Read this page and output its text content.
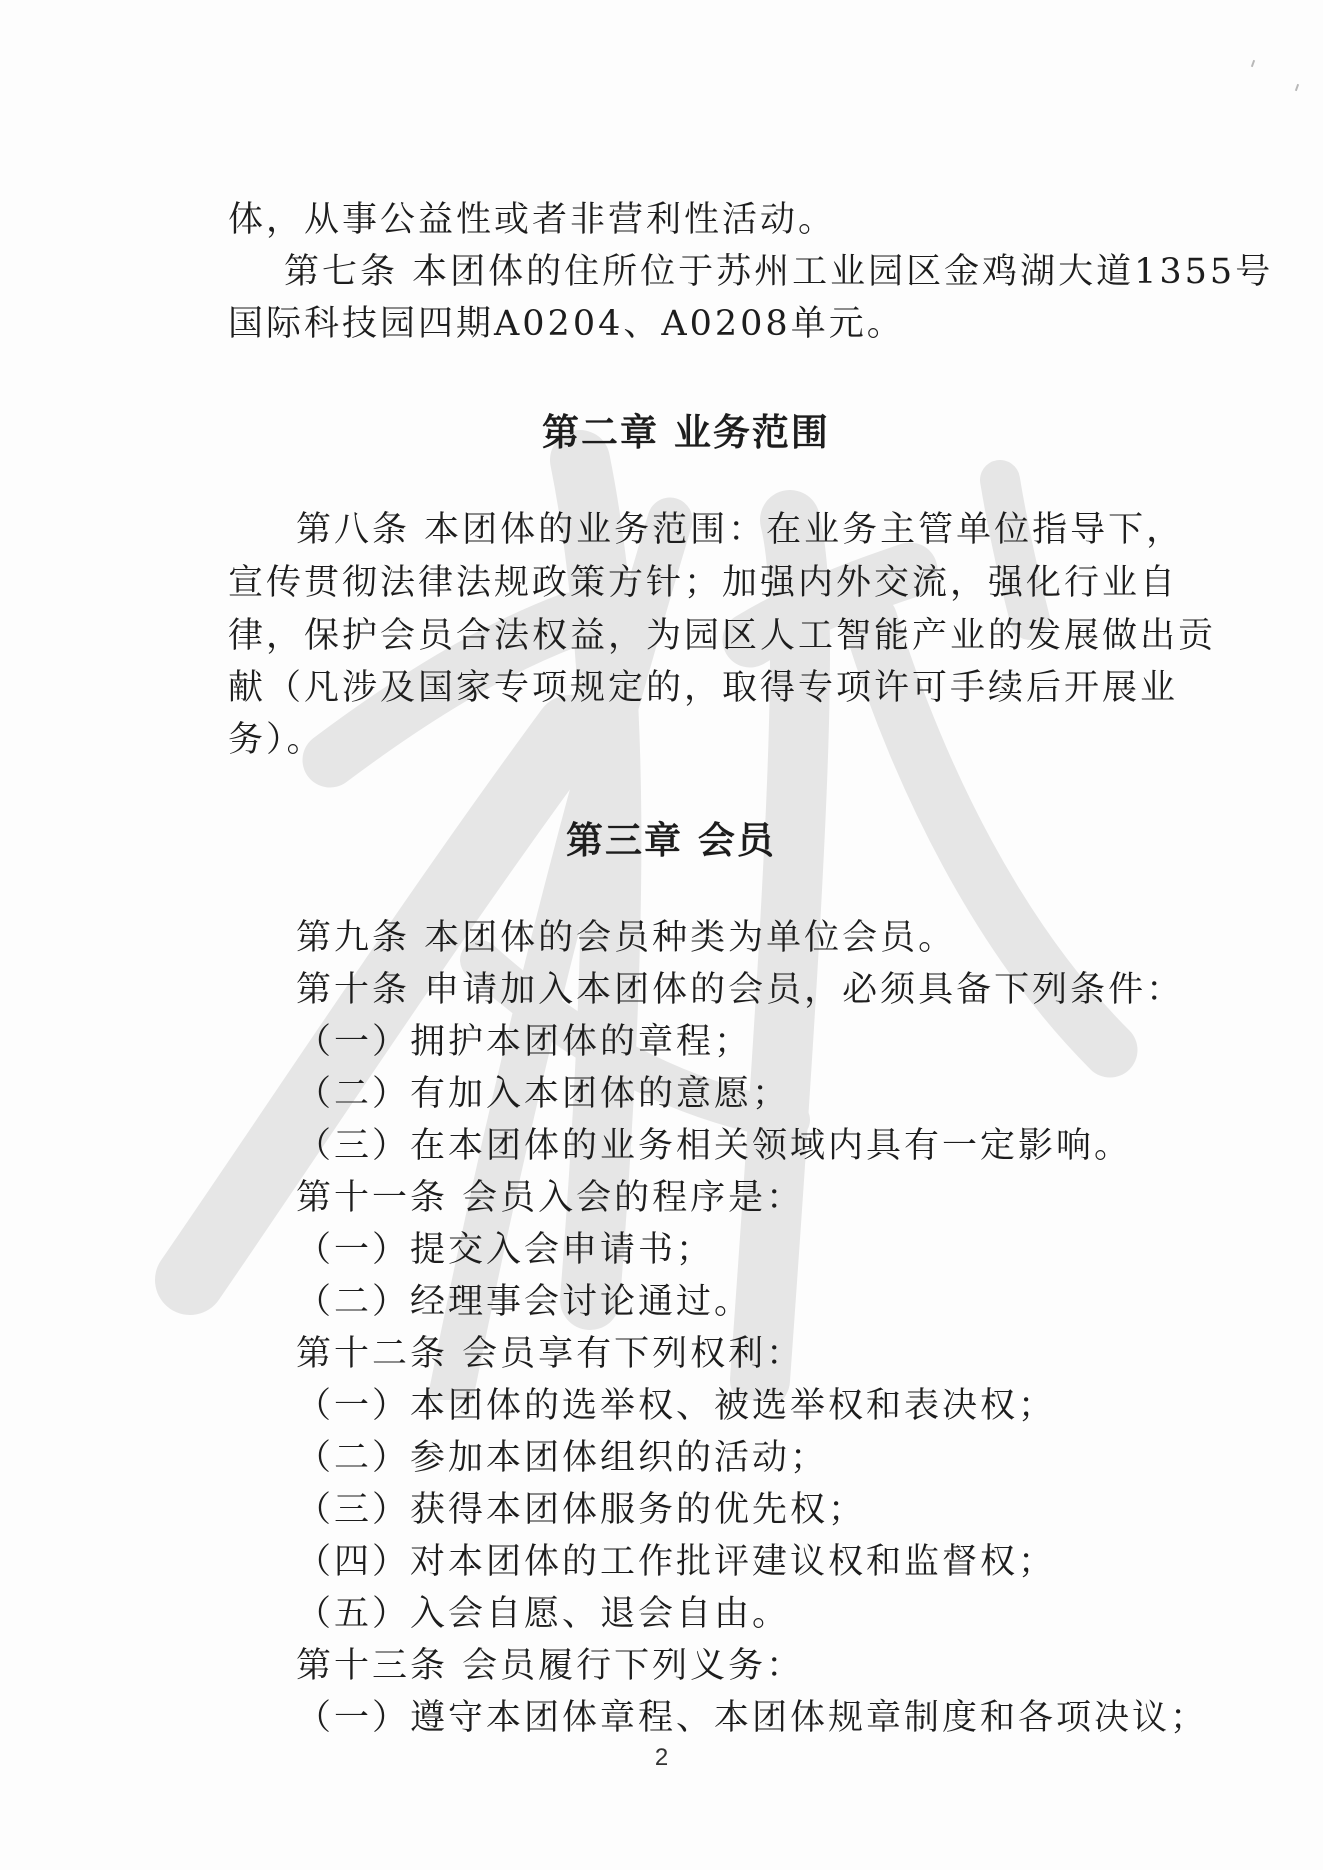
体，从事公益性或者非营利性活动。
第七条 本团体的住所位于苏州工业园区金鸡湖大道1355号
国际科技园四期A0204、A0208单元。
第二章 业务范围
第八条 本团体的业务范围：在业务主管单位指导下，
宣传贯彻法律法规政策方针；加强内外交流，强化行业自
律，保护会员合法权益，为园区人工智能产业的发展做出贡
献（凡涉及国家专项规定的，取得专项许可手续后开展业
务）。
第三章 会员
第九条 本团体的会员种类为单位会员。
第十条 申请加入本团体的会员，必须具备下列条件：
（一）拥护本团体的章程；
（二）有加入本团体的意愿；
（三）在本团体的业务相关领域内具有一定影响。
第十一条 会员入会的程序是：
（一）提交入会申请书；
（二）经理事会讨论通过。
第十二条 会员享有下列权利：
（一）本团体的选举权、被选举权和表决权；
（二）参加本团体组织的活动；
（三）获得本团体服务的优先权；
（四）对本团体的工作批评建议权和监督权；
（五）入会自愿、退会自由。
第十三条 会员履行下列义务：
（一）遵守本团体章程、本团体规章制度和各项决议；
2
